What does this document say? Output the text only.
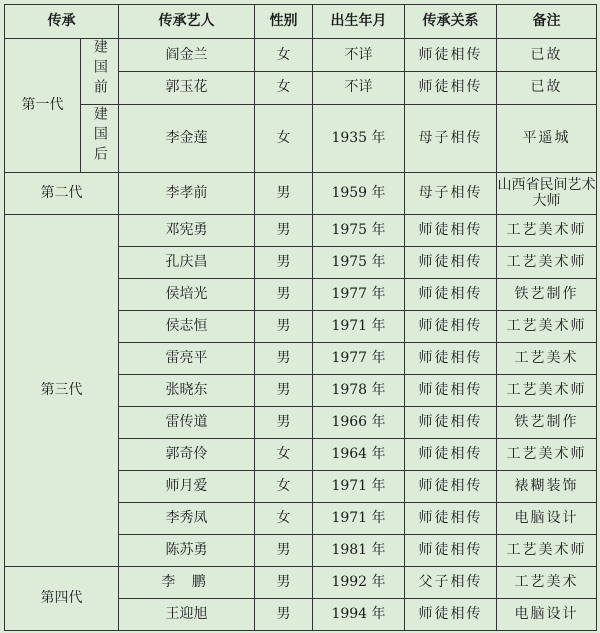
传承		传承艺人	性别	出生年月	传承关系	备注
第一代	建国前	阎金兰	女	不详	师徒相传	已故
		郭玉花	女	不详	师徒相传	已故
	建国后	李金莲	女	1935 年	母子相传	平遥城
第二代		李孝前	男	1959 年	母子相传	山西省民间艺术大师
第三代		邓宪勇	男	1975 年	师徒相传	工艺美术师
		孔庆昌	男	1975 年	师徒相传	工艺美术师
		侯培光	男	1977 年	师徒相传	铁艺制作
		侯志恒	男	1971 年	师徒相传	工艺美术师
		雷亮平	男	1977 年	师徒相传	工艺美术
		张晓东	男	1978 年	师徒相传	工艺美术师
		雷传道	男	1966 年	师徒相传	铁艺制作
		郭奇伶	女	1964 年	师徒相传	工艺美术师
		师月爱	女	1971 年	师徒相传	裱糊装饰
		李秀凤	女	1971 年	师徒相传	电脑设计
		陈苏勇	男	1981 年	师徒相传	工艺美术师
第四代		李 鹏	男	1992 年	父子相传	工艺美术
		王迎旭	男	1994 年	师徒相传	电脑设计
